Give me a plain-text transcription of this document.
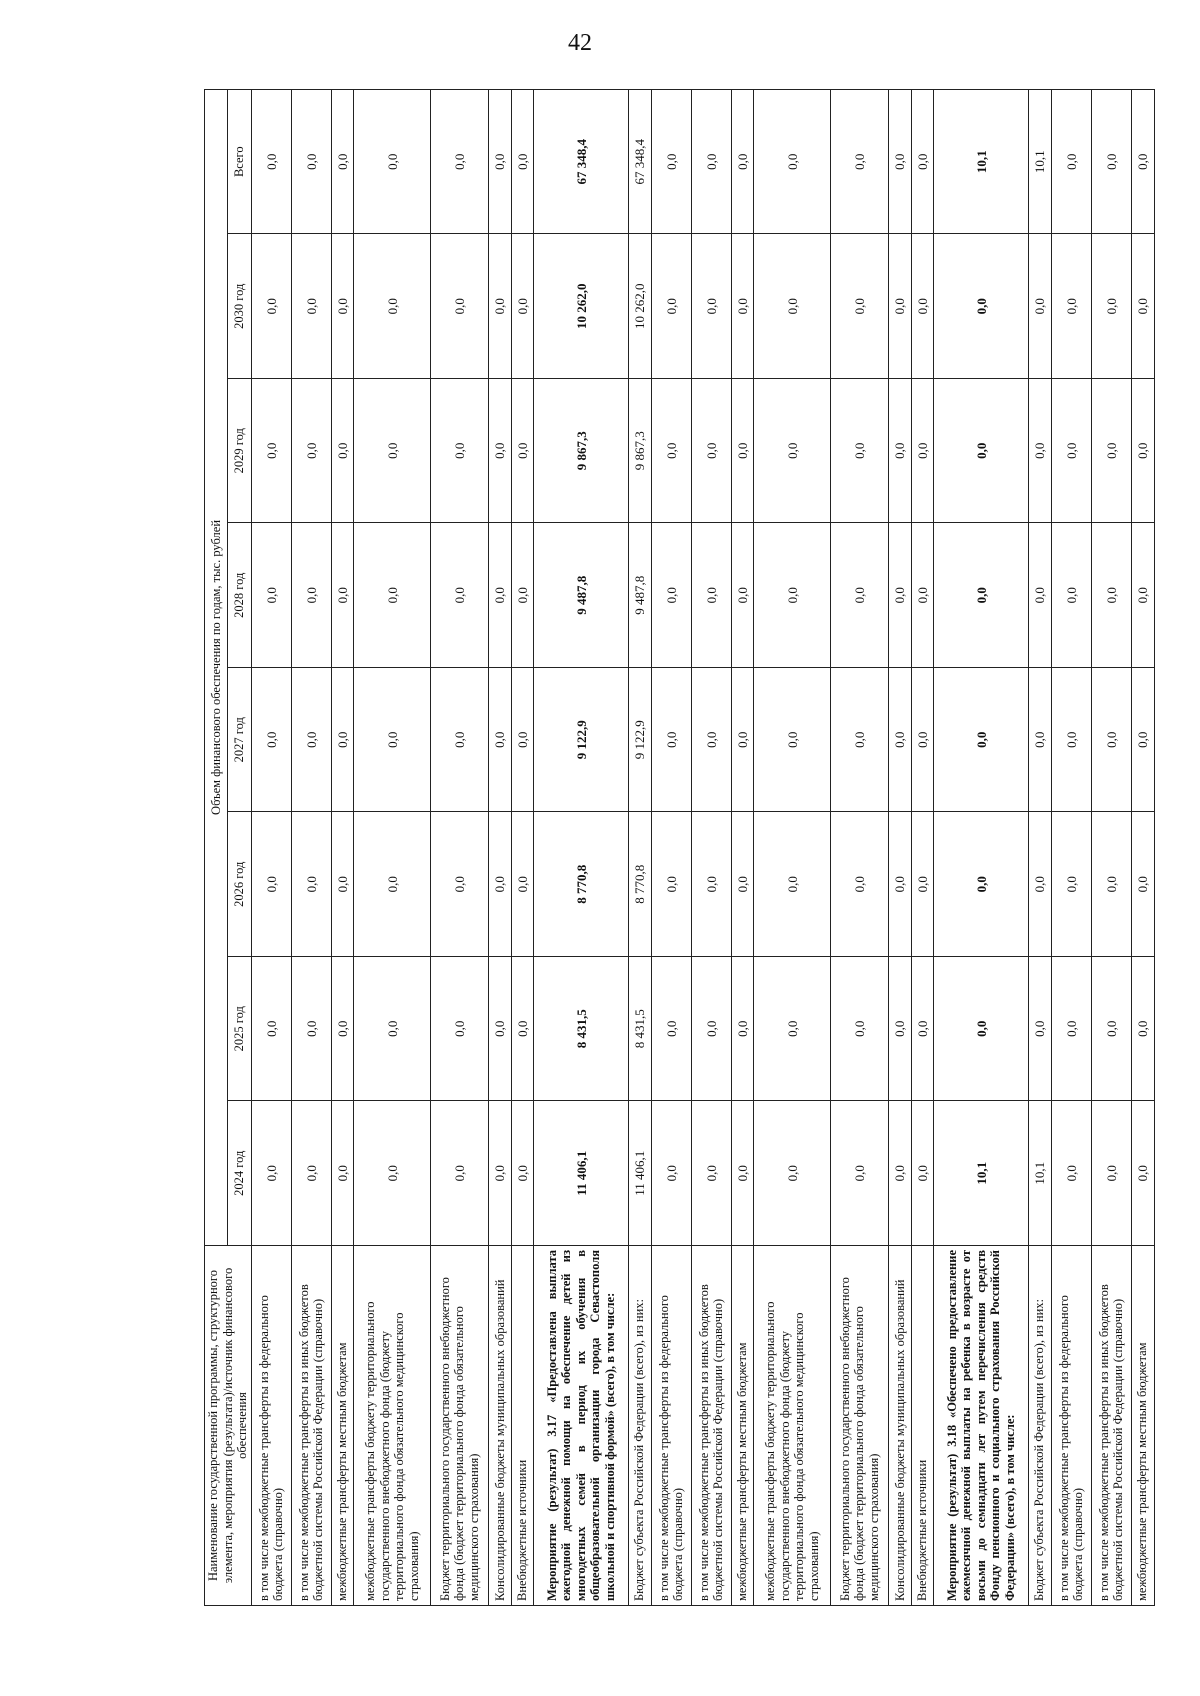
42
Наименование государственной программы, структурного элемента, мероприятия (результата)/источник финансового обеспечения	Объем финансового обеспечения по годам, тыс. рублей							
	2024 год	2025 год	2026 год	2027 год	2028 год	2029 год	2030 год	Всего
в том числе межбюджетные трансферты из федерального бюджета (справочно)	0,0	0,0	0,0	0,0	0,0	0,0	0,0	0,0
в том числе межбюджетные трансферты из иных бюджетов бюджетной системы Российской Федерации (справочно)	0,0	0,0	0,0	0,0	0,0	0,0	0,0	0,0
межбюджетные трансферты местным бюджетам	0,0	0,0	0,0	0,0	0,0	0,0	0,0	0,0
межбюджетные трансферты бюджету территориального государственного внебюджетного фонда (бюджету территориального фонда обязательного медицинского страхования)	0,0	0,0	0,0	0,0	0,0	0,0	0,0	0,0
Бюджет территориального государственного внебюджетного фонда (бюджет территориального фонда обязательного медицинского страхования)	0,0	0,0	0,0	0,0	0,0	0,0	0,0	0,0
Консолидированные бюджеты муниципальных образований	0,0	0,0	0,0	0,0	0,0	0,0	0,0	0,0
Внебюджетные источники	0,0	0,0	0,0	0,0	0,0	0,0	0,0	0,0
Мероприятие (результат) 3.17 «Предоставлена выплата ежегодной денежной помощи на обеспечение детей из многодетных семей в период их обучения в общеобразовательной организации города Севастополя школьной и спортивной формой» (всего), в том числе:	11 406,1	8 431,5	8 770,8	9 122,9	9 487,8	9 867,3	10 262,0	67 348,4
Бюджет субъекта Российской Федерации (всего), из них:	11 406,1	8 431,5	8 770,8	9 122,9	9 487,8	9 867,3	10 262,0	67 348,4
в том числе межбюджетные трансферты из федерального бюджета (справочно)	0,0	0,0	0,0	0,0	0,0	0,0	0,0	0,0
в том числе межбюджетные трансферты из иных бюджетов бюджетной системы Российской Федерации (справочно)	0,0	0,0	0,0	0,0	0,0	0,0	0,0	0,0
межбюджетные трансферты местным бюджетам	0,0	0,0	0,0	0,0	0,0	0,0	0,0	0,0
межбюджетные трансферты бюджету территориального государственного внебюджетного фонда (бюджету территориального фонда обязательного медицинского страхования)	0,0	0,0	0,0	0,0	0,0	0,0	0,0	0,0
Бюджет территориального государственного внебюджетного фонда (бюджет территориального фонда обязательного медицинского страхования)	0,0	0,0	0,0	0,0	0,0	0,0	0,0	0,0
Консолидированные бюджеты муниципальных образований	0,0	0,0	0,0	0,0	0,0	0,0	0,0	0,0
Внебюджетные источники	0,0	0,0	0,0	0,0	0,0	0,0	0,0	0,0
Мероприятие (результат) 3.18 «Обеспечено предоставление ежемесячной денежной выплаты на ребенка в возрасте от восьми до семнадцати лет путем перечисления средств Фонду пенсионного и социального страхования Российской Федерации» (всего), в том числе:	10,1	0,0	0,0	0,0	0,0	0,0	0,0	10,1
Бюджет субъекта Российской Федерации (всего), из них:	10,1	0,0	0,0	0,0	0,0	0,0	0,0	10,1
в том числе межбюджетные трансферты из федерального бюджета (справочно)	0,0	0,0	0,0	0,0	0,0	0,0	0,0	0,0
в том числе межбюджетные трансферты из иных бюджетов бюджетной системы Российской Федерации (справочно)	0,0	0,0	0,0	0,0	0,0	0,0	0,0	0,0
межбюджетные трансферты местным бюджетам	0,0	0,0	0,0	0,0	0,0	0,0	0,0	0,0
